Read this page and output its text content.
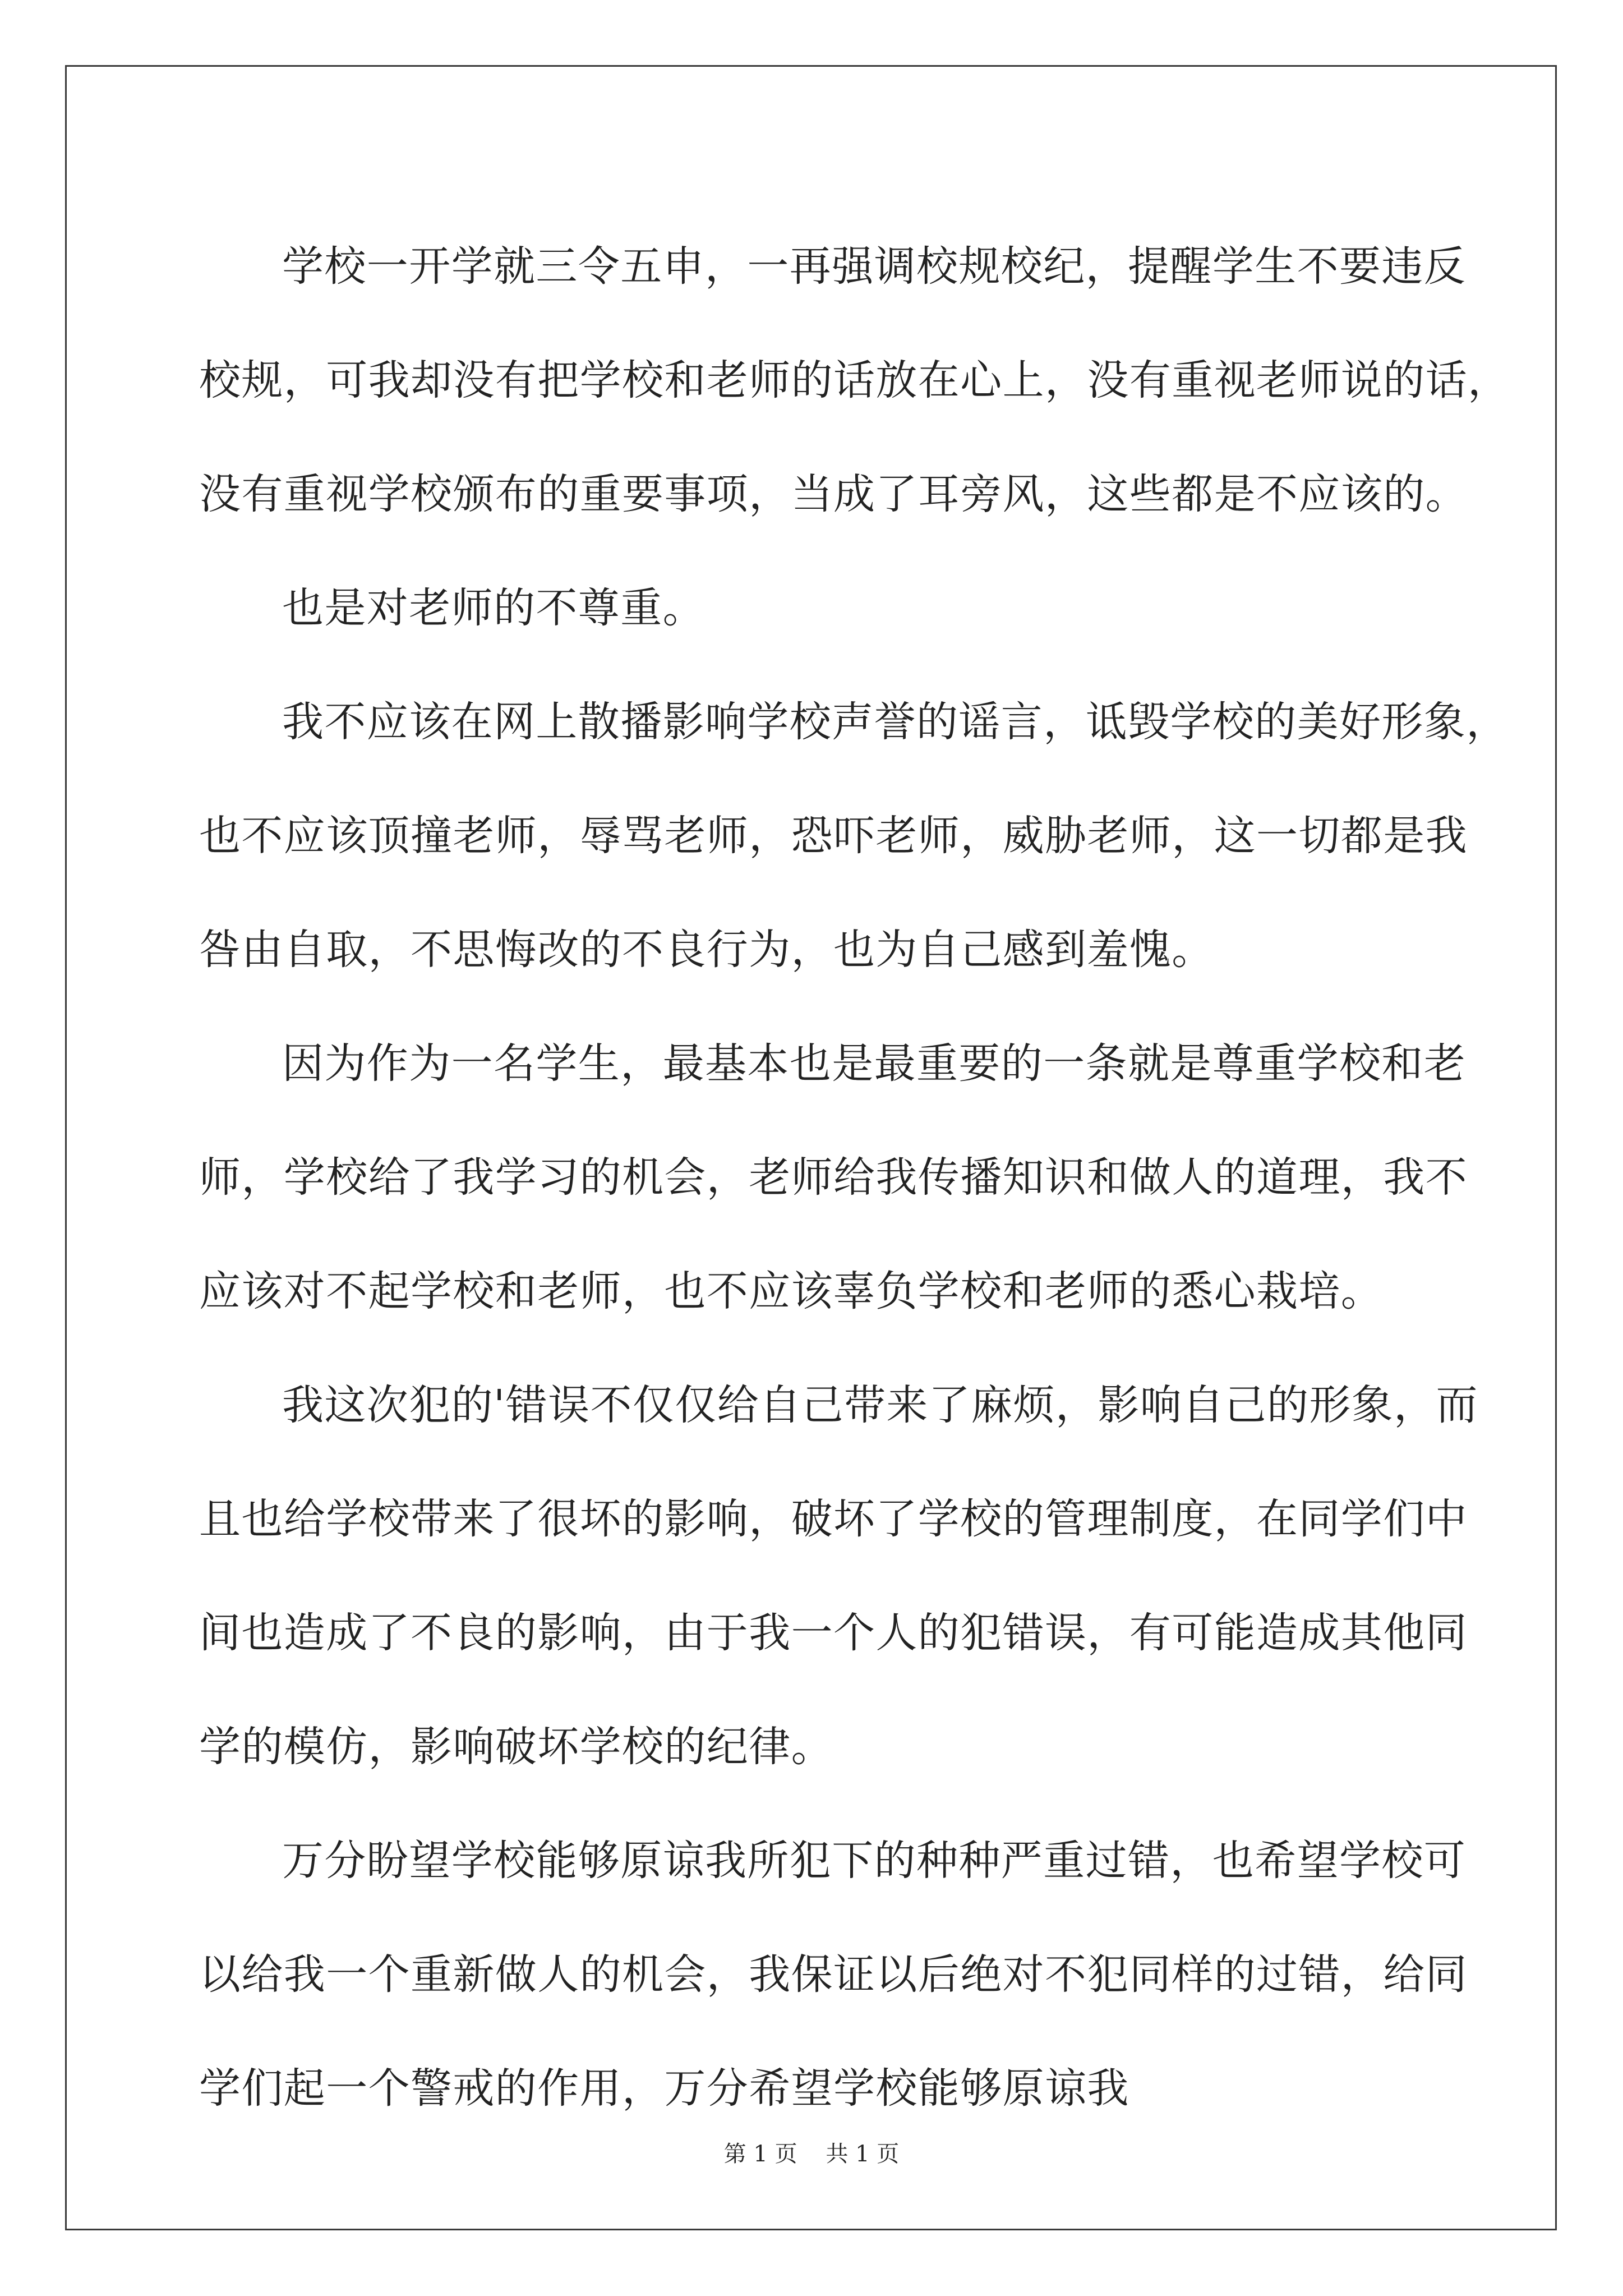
学校一开学就三令五申，一再强调校规校纪，提醒学生不要违反
校规，可我却没有把学校和老师的话放在心上，没有重视老师说的话，
没有重视学校颁布的重要事项，当成了耳旁风，这些都是不应该的。
也是对老师的不尊重。
我不应该在网上散播影响学校声誉的谣言，诋毁学校的美好形象，
也不应该顶撞老师，辱骂老师，恐吓老师，威胁老师，这一切都是我
咎由自取，不思悔改的不良行为，也为自己感到羞愧。
因为作为一名学生，最基本也是最重要的一条就是尊重学校和老
师，学校给了我学习的机会，老师给我传播知识和做人的道理，我不
应该对不起学校和老师，也不应该辜负学校和老师的悉心栽培。
我这次犯的'错误不仅仅给自己带来了麻烦，影响自己的形象，而
且也给学校带来了很坏的影响，破坏了学校的管理制度，在同学们中
间也造成了不良的影响，由于我一个人的犯错误，有可能造成其他同
学的模仿，影响破坏学校的纪律。
万分盼望学校能够原谅我所犯下的种种严重过错，也希望学校可
以给我一个重新做人的机会，我保证以后绝对不犯同样的过错，给同
学们起一个警戒的作用，万分希望学校能够原谅我
第 1 页    共 1 页
